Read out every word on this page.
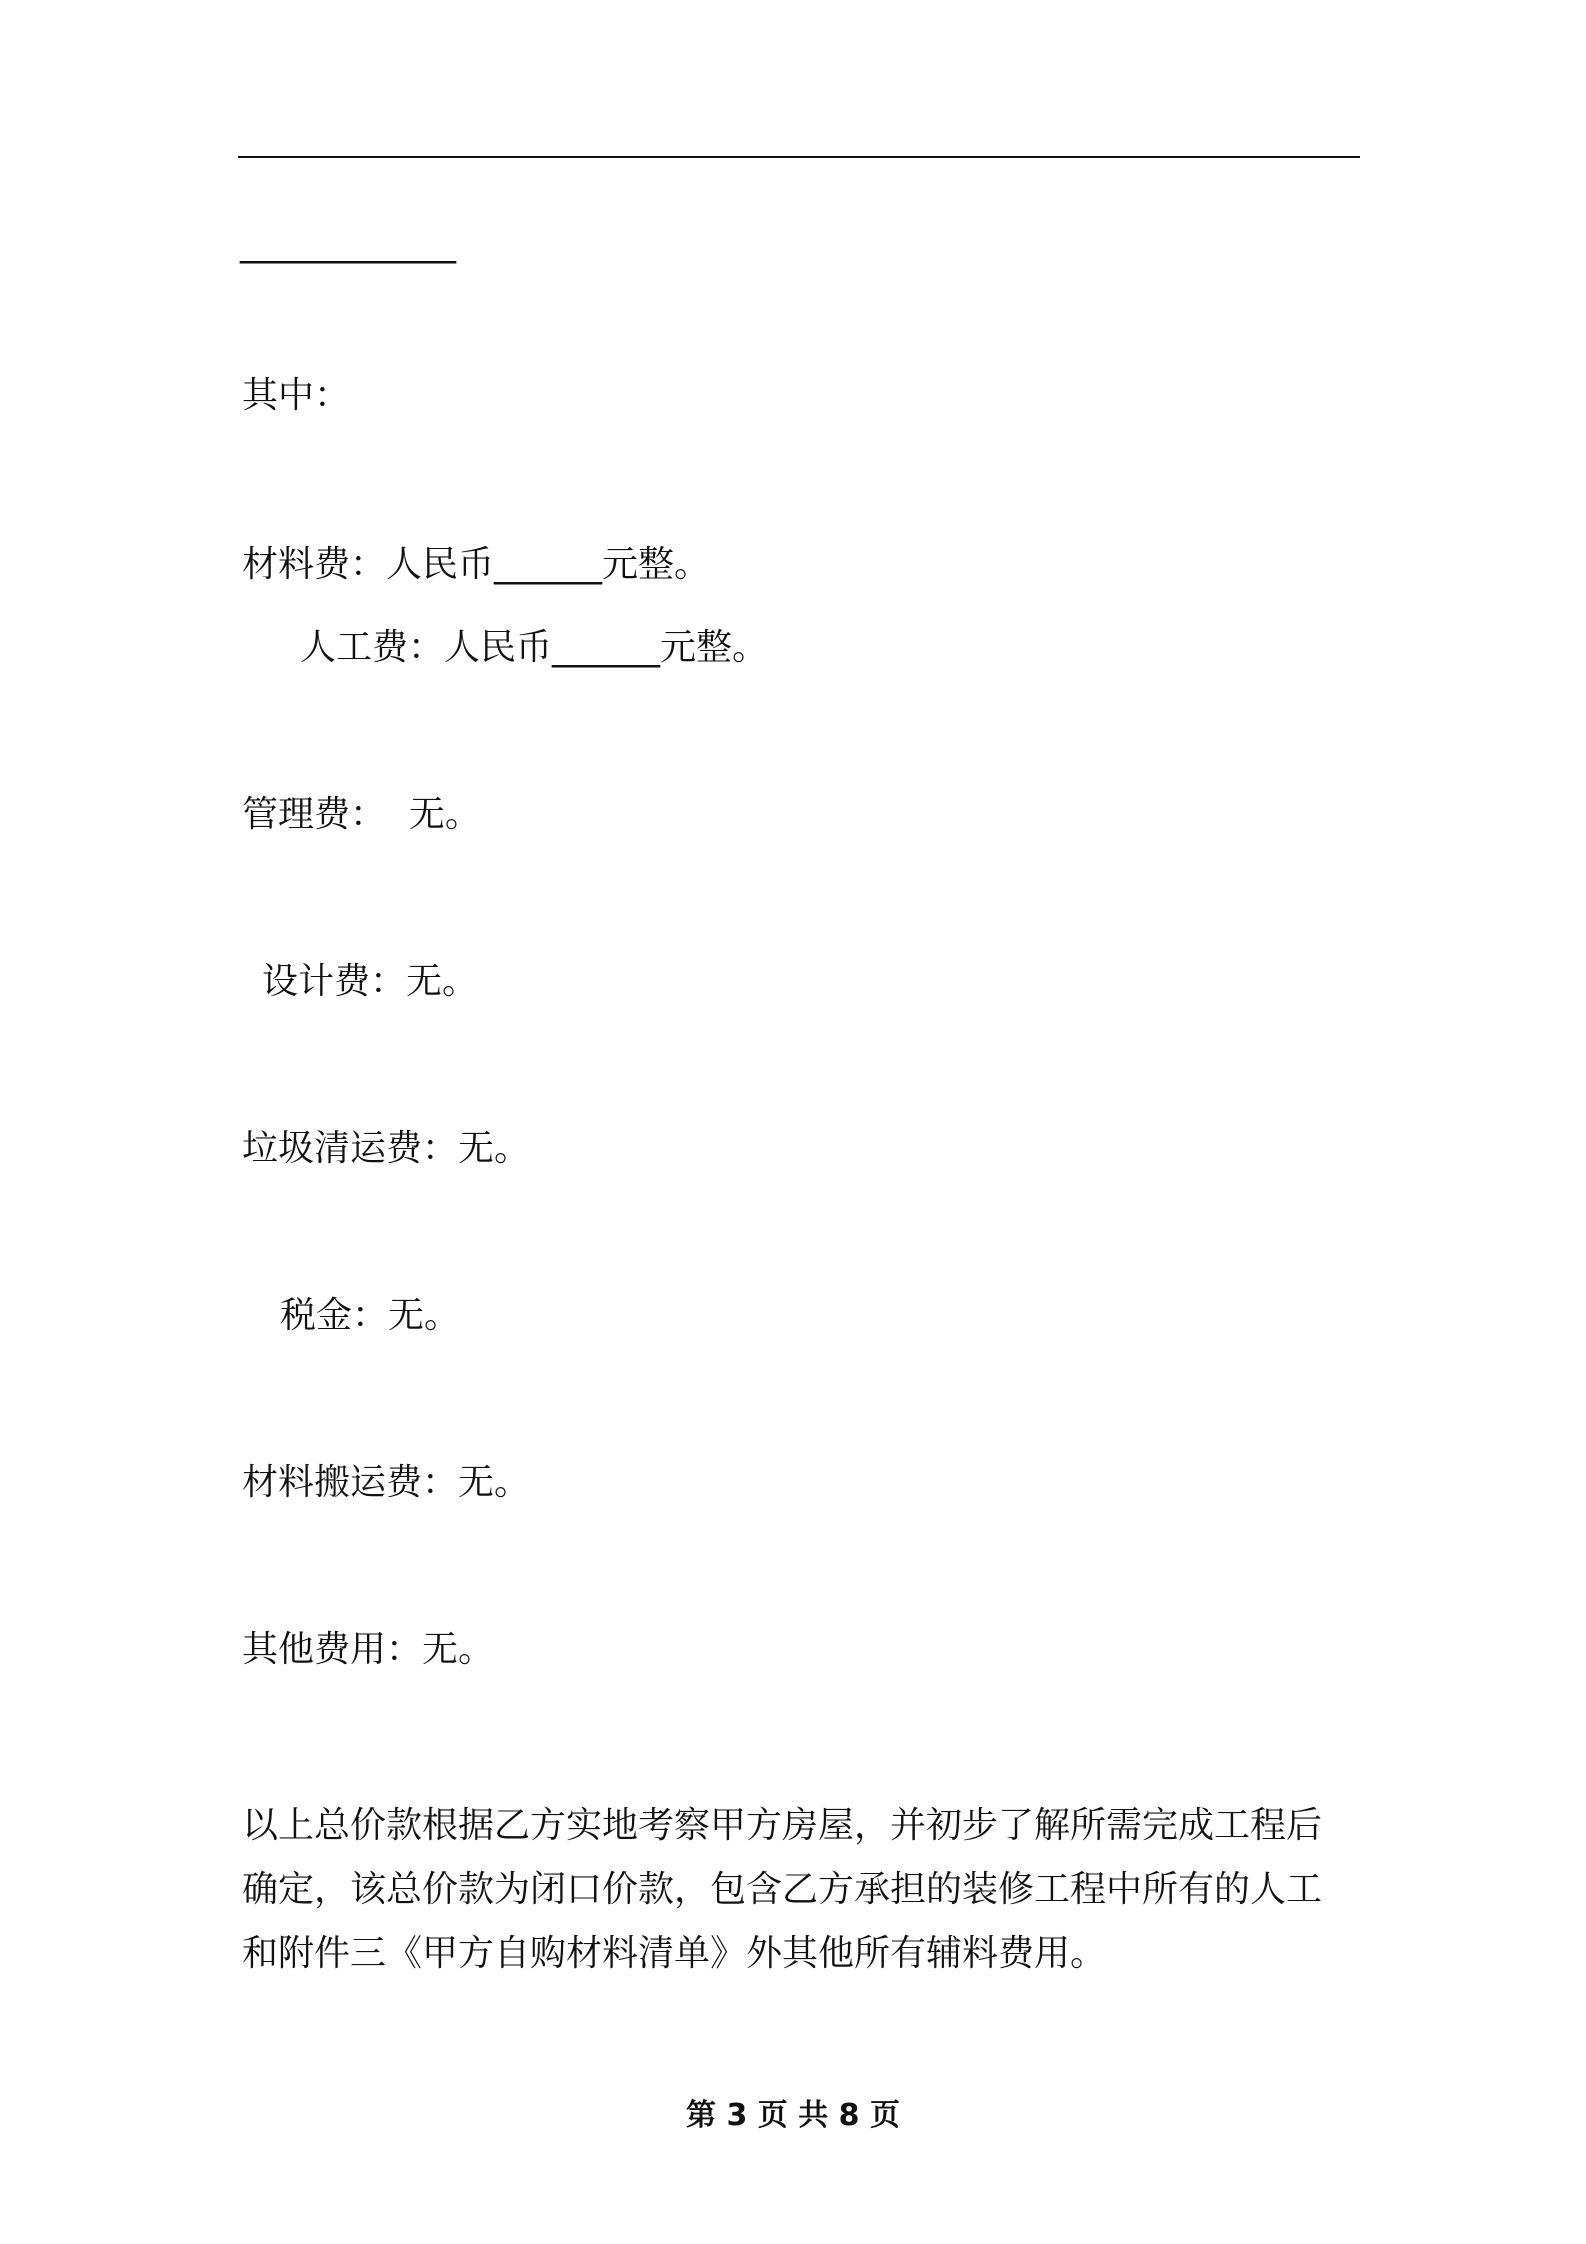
____________
其中：
材料费：人民币______元整。
人工费：人民币______元整。
管理费：  无。
设计费：无。
垃圾清运费：无。
税金：无。
材料搬运费：无。
其他费用：无。
以上总价款根据乙方实地考察甲方房屋，并初步了解所需完成工程后
确定，该总价款为闭口价款，包含乙方承担的装修工程中所有的人工
和附件三《甲方自购材料清单》外其他所有辅料费用。
第 3 页 共 8 页
